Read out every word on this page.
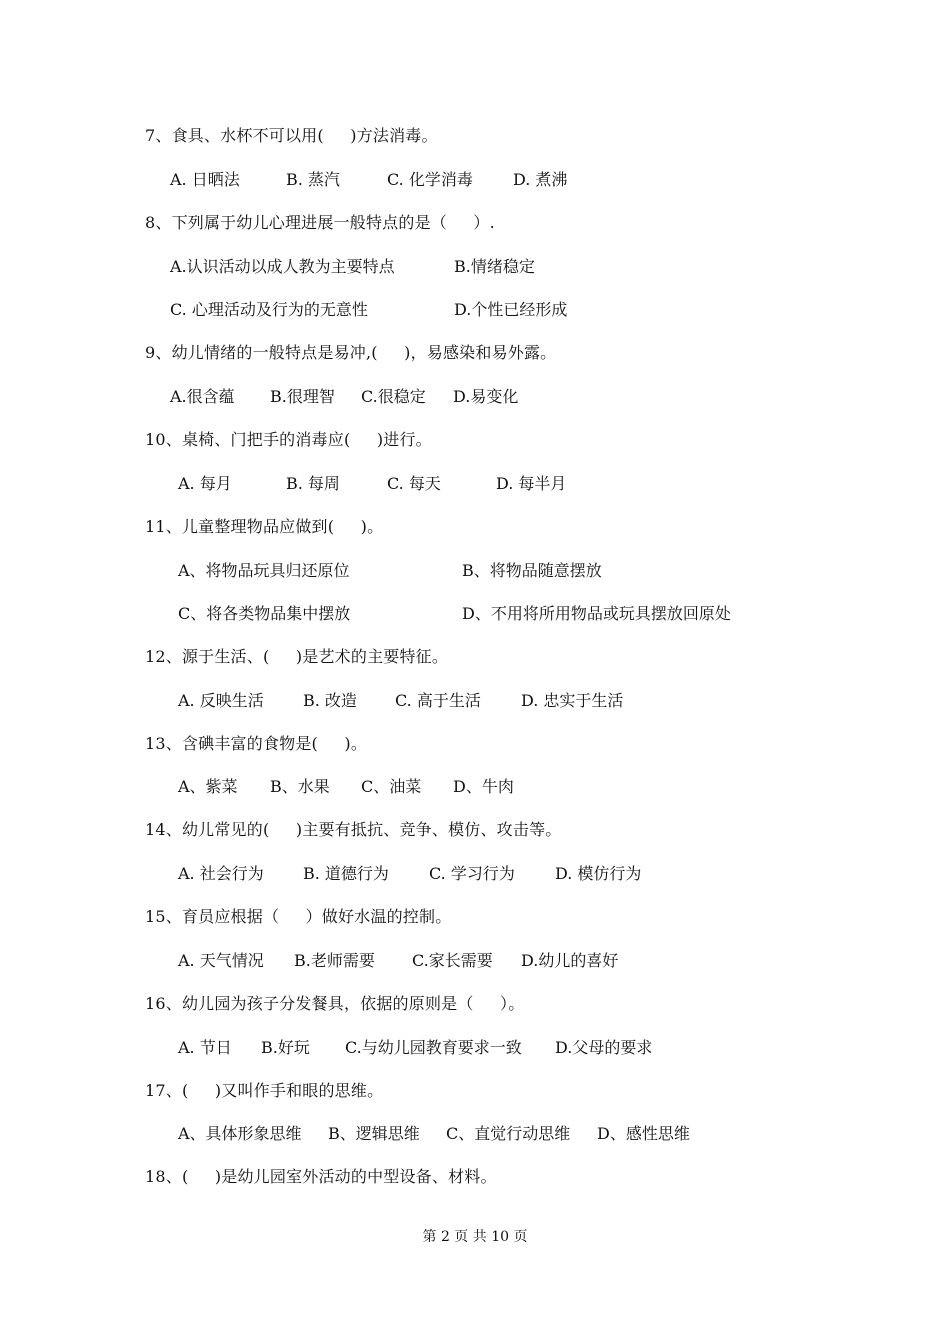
7、食具、水杯不可以用(     )方法消毒。
A. 日晒法	B. 蒸汽	C. 化学消毒	D. 煮沸
8、下列属于幼儿心理进展一般特点的是（     ）.
A.认识活动以成人教为主要特点	B.情绪稳定
C. 心理活动及行为的无意性	D.个性已经形成
9、幼儿情绪的一般特点是易冲,(     )，易感染和易外露。
A.很含蕴 B.很理智 C.很稳定 D.易变化
10、桌椅、门把手的消毒应(     )进行。
A. 每月	B. 每周	C. 每天	D. 每半月
11、儿童整理物品应做到(     )。
A、将物品玩具归还原位	B、将物品随意摆放
C、将各类物品集中摆放	D、不用将所用物品或玩具摆放回原处
12、源于生活、(     )是艺术的主要特征。
A. 反映生活 B. 改造 C. 高于生活	D. 忠实于生活
13、含碘丰富的食物是(     )。
A、紫菜 B、水果 C、油菜 D、牛肉
14、幼儿常见的(     )主要有抵抗、竞争、模仿、攻击等。
A. 社会行为 B. 道德行为	C. 学习行为	D. 模仿行为
15、育员应根据（     ）做好水温的控制。
A. 天气情况 B.老师需要 C.家长需要 D.幼儿的喜好
16、幼儿园为孩子分发餐具，依据的原则是（     ）。
A. 节日 B.好玩 C.与幼儿园教育要求一致 D.父母的要求
17、(     )又叫作手和眼的思维。
A、具体形象思维 B、逻辑思维 C、直觉行动思维 D、感性思维
18、(     )是幼儿园室外活动的中型设备、材料。
第 2 页 共 10 页
